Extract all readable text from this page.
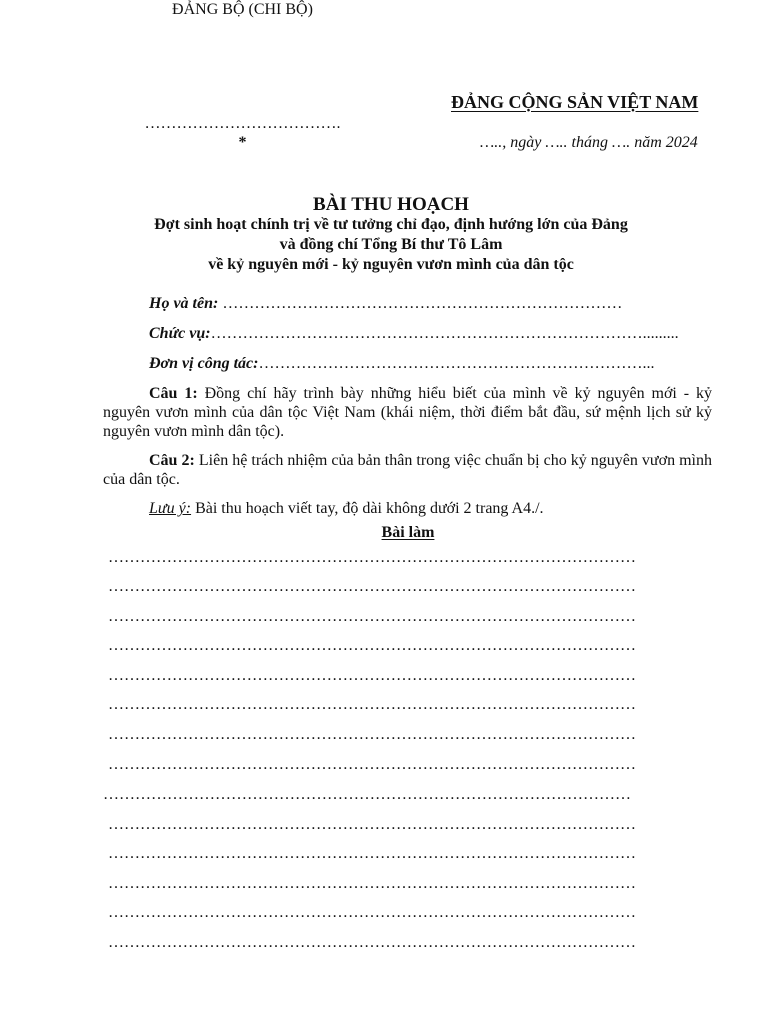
ĐẢNG BỘ (CHI BỘ)
……………………………….
*
ĐẢNG CỘNG SẢN VIỆT NAM
….., ngày ….. tháng …. năm 2024
BÀI THU HOẠCH
Đợt sinh hoạt chính trị về tư tưởng chỉ đạo, định hướng lớn của Đảng
và đồng chí Tổng Bí thư Tô Lâm
về kỷ nguyên mới - kỷ nguyên vươn mình của dân tộc
Họ và tên: …………………………………………………………………
Chức vụ:……………………………………………………………………….........
Đơn vị công tác:………………………………………………………………...
Câu 1: Đồng chí hãy trình bày những hiểu biết của mình về kỷ nguyên mới - kỷ nguyên vươn mình của dân tộc Việt Nam (khái niệm, thời điểm bắt đầu, sứ mệnh lịch sử kỷ nguyên vươn mình dân tộc).
Câu 2: Liên hệ trách nhiệm của bản thân trong việc chuẩn bị cho kỷ nguyên vươn mình của dân tộc.
Lưu ý: Bài thu hoạch viết tay, độ dài không dưới 2 trang A4./.
Bài làm
………………………………………………………………………………………
………………………………………………………………………………………
………………………………………………………………………………………
………………………………………………………………………………………
………………………………………………………………………………………
………………………………………………………………………………………
………………………………………………………………………………………
………………………………………………………………………………………
………………………………………………………………………………………
………………………………………………………………………………………
………………………………………………………………………………………
………………………………………………………………………………………
………………………………………………………………………………………
………………………………………………………………………………………
